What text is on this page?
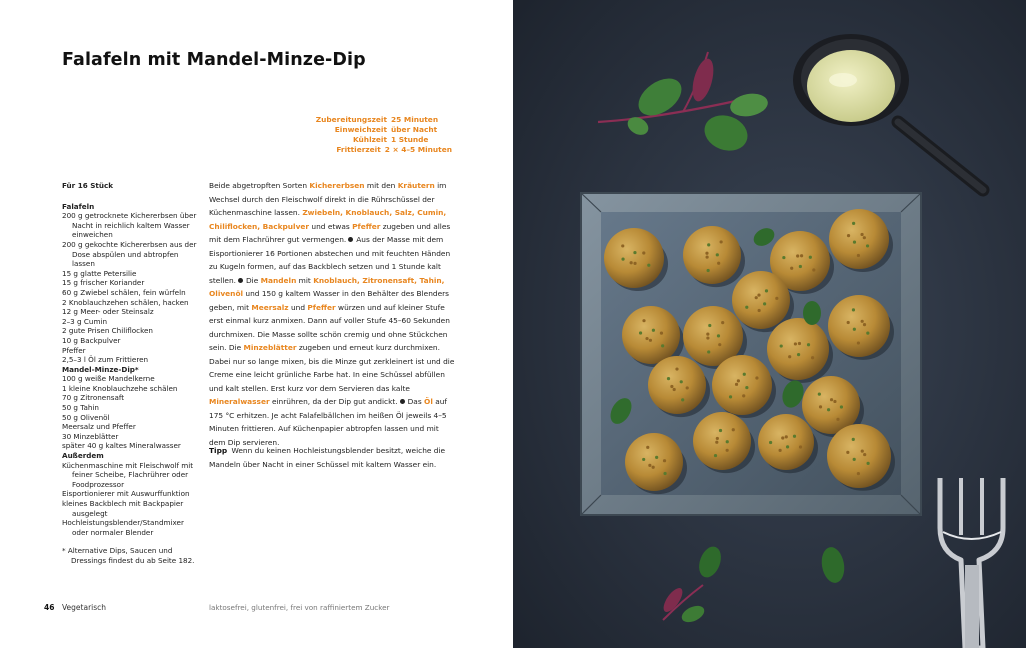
Falafeln mit Mandel-Minze-Dip
Zubereitungszeit 25 Minuten
Einweichzeit über Nacht
Kühlzeit 1 Stunde
Frittierzeit 2 × 4–5 Minuten
Für 16 Stück
Falafeln
200 g getrocknete Kichererbsen über Nacht in reichlich kaltem Wasser einweichen
200 g gekochte Kichererbsen aus der Dose abspülen und abtropfen lassen
15 g glatte Petersilie
15 g frischer Koriander
60 g Zwiebel schälen, fein würfeln
2 Knoblauchzehen schälen, hacken
12 g Meer- oder Steinsalz
2–3 g Cumin
2 gute Prisen Chiliflocken
10 g Backpulver
Pfeffer
2,5–3 l Öl zum Frittieren
Mandel-Minze-Dip*
100 g weiße Mandelkerne
1 kleine Knoblauchzehe schälen
70 g Zitronensaft
50 g Tahin
50 g Olivenöl
Meersalz und Pfeffer
30 Minzeblätter
später 40 g kaltes Mineralwasser
Außerdem
Küchenmaschine mit Fleischwolf mit feiner Scheibe, Flachrührer oder Foodprozessor
Eisportionierer mit Auswurffunktion
kleines Backblech mit Backpapier ausgelegt
Hochleistungsblender/Standmixer oder normaler Blender
* Alternative Dips, Saucen und Dressings findest du ab Seite 182.
Beide abgetropften Sorten Kichererbsen mit den Kräutern im Wechsel durch den Fleischwolf direkt in die Rührschüssel der Küchenmaschine lassen. Zwiebeln, Knoblauch, Salz, Cumin, Chiliflocken, Backpulver und etwas Pfeffer zugeben und alles mit dem Flachrührer gut vermengen. Aus der Masse mit dem Eisportionierer 16 Portionen abstechen und mit feuchten Händen zu Kugeln formen, auf das Backblech setzen und 1 Stunde kalt stellen. Die Mandeln mit Knoblauch, Zitronensaft, Tahin, Olivenöl und 150 g kaltem Wasser in den Behälter des Blenders geben, mit Meersalz und Pfeffer würzen und auf kleiner Stufe erst einmal kurz anmixen. Dann auf voller Stufe 45–60 Sekunden durchmixen. Die Masse sollte schön cremig und ohne Stückchen sein. Die Minzeblätter zugeben und erneut kurz durchmixen. Dabei nur so lange mixen, bis die Minze gut zerkleinert ist und die Creme eine leicht grünliche Farbe hat. In eine Schüssel abfüllen und kalt stellen. Erst kurz vor dem Servieren das kalte Mineralwasser einrühren, da der Dip gut andickt. Das Öl auf 175 °C erhitzen. Je acht Falafelbällchen im heißen Öl jeweils 4–5 Minuten frittieren. Auf Küchenpapier abtropfen lassen und mit dem Dip servieren.
Tipp Wenn du keinen Hochleistungsblender besitzt, weiche die Mandeln über Nacht in einer Schüssel mit kaltem Wasser ein.
46 Vegetarisch	laktosefrei, glutenfrei, frei von raffiniertem Zucker
